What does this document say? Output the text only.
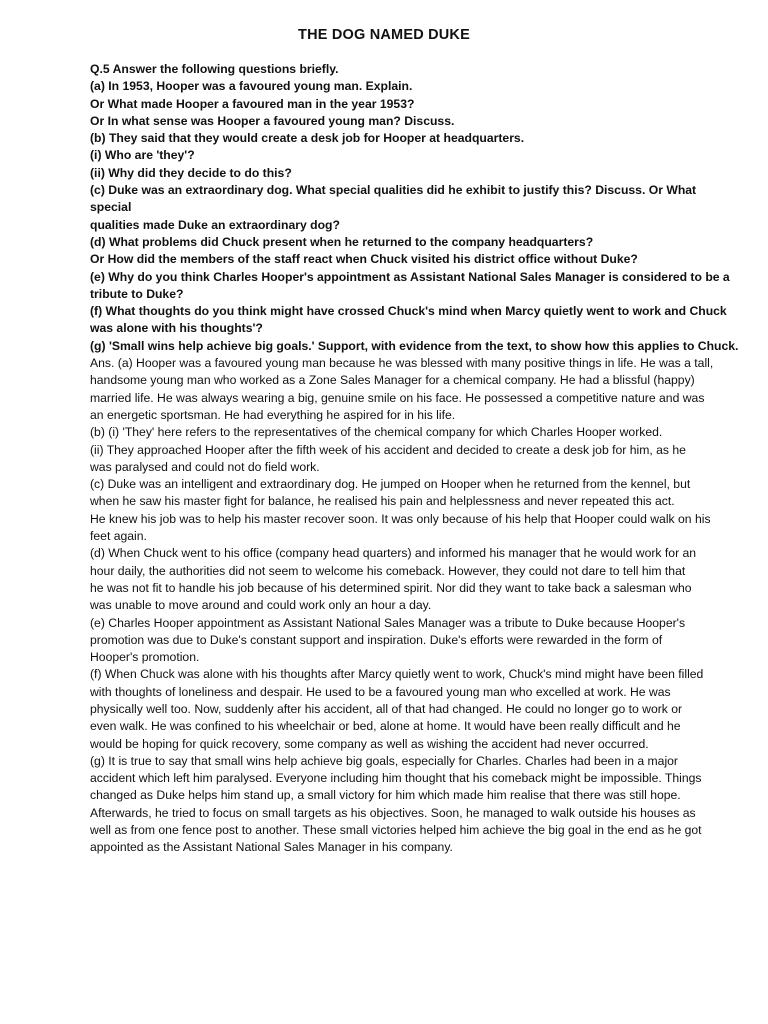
THE DOG NAMED DUKE

Q.5 Answer the following questions briefly.

(a) In 1953, Hooper was a favoured young man. Explain.

Or What made Hooper a favoured man in the year 1953?

Or In what sense was Hooper a favoured young man? Discuss.

(b) They said that they would create a desk job for Hooper at headquarters.

(i) Who are 'they'?

(ii) Why did they decide to do this?

(c) Duke was an extraordinary dog. What special qualities did he exhibit to justify this? Discuss. Or What special

qualities made Duke an extraordinary dog?

(d) What problems did Chuck present when he returned to the company headquarters?

Or How did the members of the staff react when Chuck visited his district office without Duke?

(e) Why do you think Charles Hooper's appointment as Assistant National Sales Manager is considered to be a

tribute to Duke?

(f) What thoughts do you think might have crossed Chuck's mind when Marcy quietly went to work and Chuck

was alone with his thoughts'?

(g) 'Small wins help achieve big goals.' Support, with evidence from the text, to show how this applies to Chuck.

Ans. (a) Hooper was a favoured young man because he was blessed with many positive things in life. He was a tall,

handsome young man who worked as a Zone Sales Manager for a chemical company. He had a blissful (happy)

married life. He was always wearing a big, genuine smile on his face. He possessed a competitive nature and was

an energetic sportsman. He had everything he aspired for in his life.

(b) (i) 'They' here refers to the representatives of the chemical company for which Charles Hooper worked.

(ii) They approached Hooper after the fifth week of his accident and decided to create a desk job for him, as he

was paralysed and could not do field work.

(c) Duke was an intelligent and extraordinary dog. He jumped on Hooper when he returned from the kennel, but

when he saw his master fight for balance, he realised his pain and helplessness and never repeated this act.

He knew his job was to help his master recover soon. It was only because of his help that Hooper could walk on his

feet again.

(d) When Chuck went to his office (company head quarters) and informed his manager that he would work for an

hour daily, the authorities did not seem to welcome his comeback. However, they could not dare to tell him that

he was not fit to handle his job because of his determined spirit. Nor did they want to take back a salesman who

was unable to move around and could work only an hour a day.

(e) Charles Hooper appointment as Assistant National Sales Manager was a tribute to Duke because Hooper's

promotion was due to Duke's constant support and inspiration. Duke's efforts were rewarded in the form of

Hooper's promotion.

(f) When Chuck was alone with his thoughts after Marcy quietly went to work, Chuck's mind might have been filled

with thoughts of loneliness and despair. He used to be a favoured young man who excelled at work. He was

physically well too. Now, suddenly after his accident, all of that had changed. He could no longer go to work or

even walk. He was confined to his wheelchair or bed, alone at home. It would have been really difficult and he

would be hoping for quick recovery, some company as well as wishing the accident had never occurred.

(g) It is true to say that small wins help achieve big goals, especially for Charles. Charles had been in a major

accident which left him paralysed. Everyone including him thought that his comeback might be impossible. Things

changed as Duke helps him stand up, a small victory for him which made him realise that there was still hope.

Afterwards, he tried to focus on small targets as his objectives. Soon, he managed to walk outside his houses as

well as from one fence post to another. These small victories helped him achieve the big goal in the end as he got

appointed as the Assistant National Sales Manager in his company.
